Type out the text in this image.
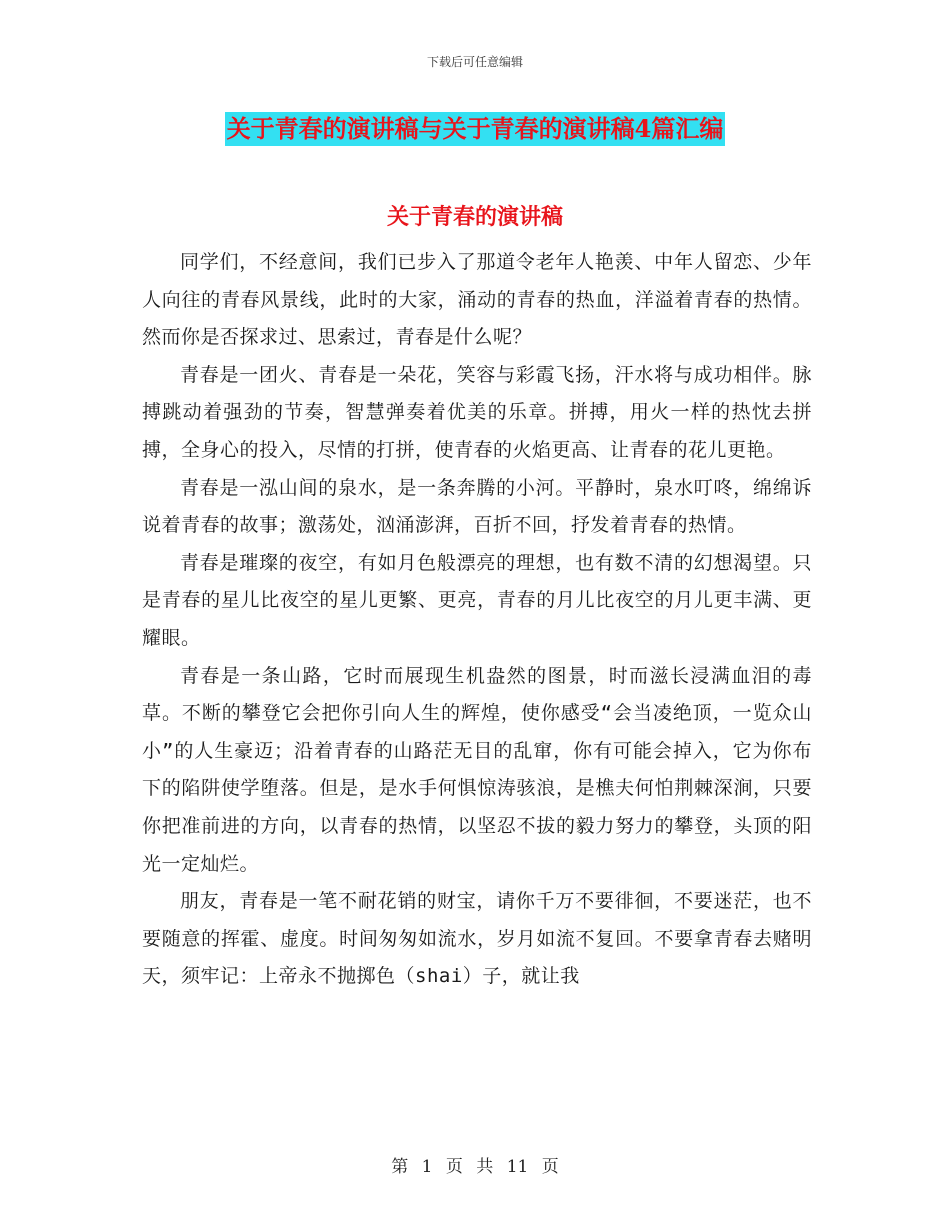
下载后可任意编辑
关于青春的演讲稿与关于青春的演讲稿4篇汇编
关于青春的演讲稿

同学们，不经意间，我们已步入了那道令老年人艳羡、中年人留恋、少年人向往的青春风景线，此时的大家，涌动的青春的热血，洋溢着青春的热情。然而你是否探求过、思索过，青春是什么呢？

青春是一团火、青春是一朵花，笑容与彩霞飞扬，汗水将与成功相伴。脉搏跳动着强劲的节奏，智慧弹奏着优美的乐章。拼搏，用火一样的热忱去拼搏，全身心的投入，尽情的打拼，使青春的火焰更高、让青春的花儿更艳。

青春是一泓山间的泉水，是一条奔腾的小河。平静时，泉水叮咚，绵绵诉说着青春的故事；激荡处，汹涌澎湃，百折不回，抒发着青春的热情。

青春是璀璨的夜空，有如月色般漂亮的理想，也有数不清的幻想渴望。只是青春的星儿比夜空的星儿更繁、更亮，青春的月儿比夜空的月儿更丰满、更耀眼。

青春是一条山路，它时而展现生机盎然的图景，时而滋长浸满血泪的毒草。不断的攀登它会把你引向人生的辉煌，使你感受“会当凌绝顶，一览众山小”的人生豪迈；沿着青春的山路茫无目的乱窜，你有可能会掉入，它为你布下的陷阱使学堕落。但是，是水手何惧惊涛骇浪，是樵夫何怕荆棘深涧，只要你把准前进的方向，以青春的热情，以坚忍不拔的毅力努力的攀登，头顶的阳光一定灿烂。

朋友，青春是一笔不耐花销的财宝，请你千万不要徘徊，不要迷茫，也不要随意的挥霍、虚度。时间匆匆如流水，岁月如流不复回。不要拿青春去赌明天，须牢记：上帝永不抛掷色（shai）子，就让我

第 1 页 共 11 页
